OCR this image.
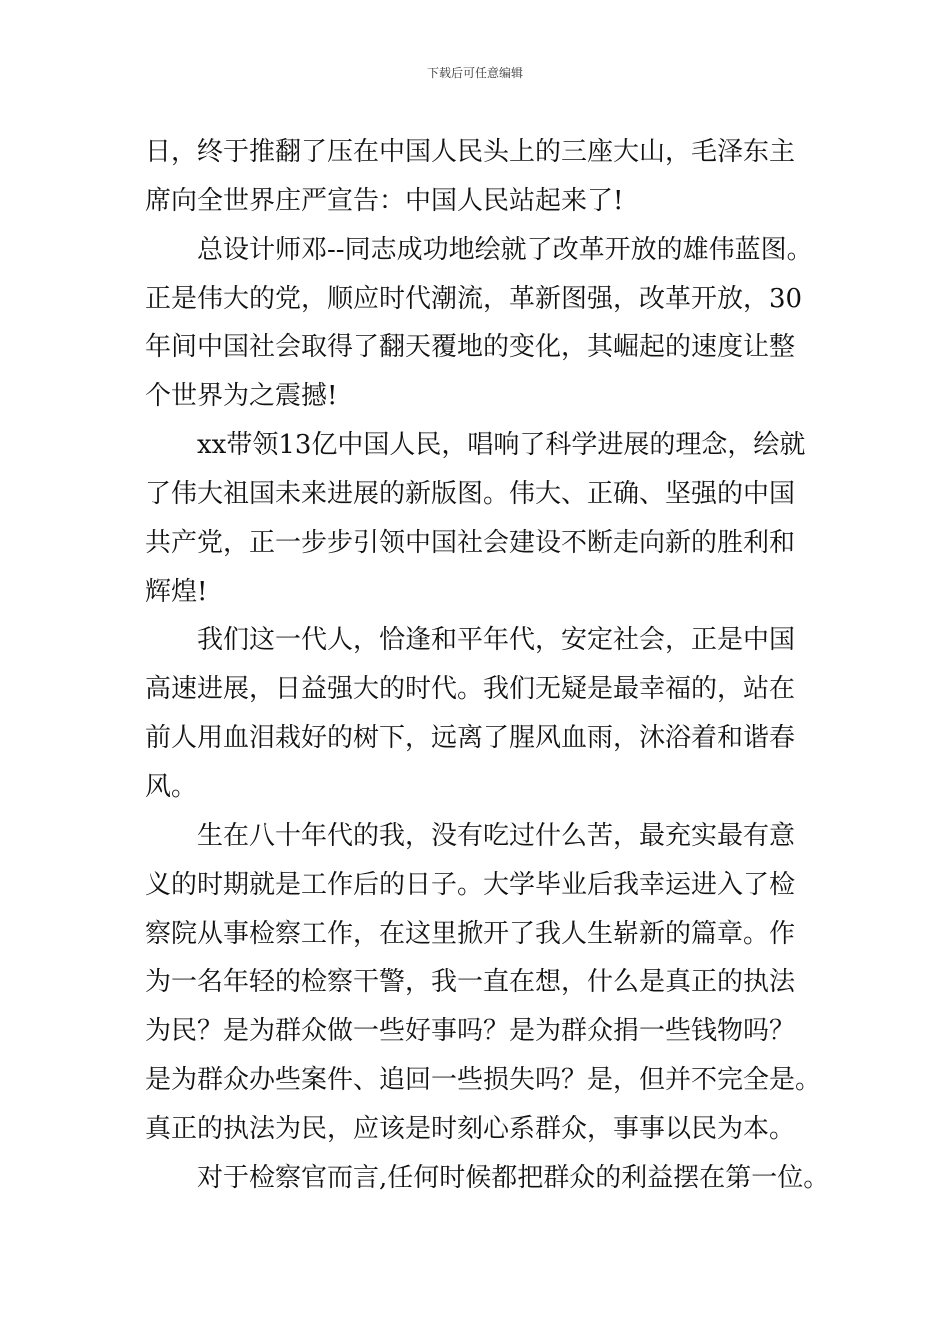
下载后可任意编辑
日，终于推翻了压在中国人民头上的三座大山，毛泽东主
席向全世界庄严宣告：中国人民站起来了!
总设计师邓--同志成功地绘就了改革开放的雄伟蓝图。
正是伟大的党，顺应时代潮流，革新图强，改革开放，30
年间中国社会取得了翻天覆地的变化，其崛起的速度让整
个世界为之震撼!
xx带领13亿中国人民，唱响了科学进展的理念，绘就
了伟大祖国未来进展的新版图。伟大、正确、坚强的中国
共产党，正一步步引领中国社会建设不断走向新的胜利和
辉煌!
我们这一代人，恰逢和平年代，安定社会，正是中国
高速进展，日益强大的时代。我们无疑是最幸福的，站在
前人用血泪栽好的树下，远离了腥风血雨，沐浴着和谐春
风。
生在八十年代的我，没有吃过什么苦，最充实最有意
义的时期就是工作后的日子。大学毕业后我幸运进入了检
察院从事检察工作，在这里掀开了我人生崭新的篇章。作
为一名年轻的检察干警，我一直在想，什么是真正的执法
为民？是为群众做一些好事吗？是为群众捐一些钱物吗？
是为群众办些案件、追回一些损失吗？是，但并不完全是。
真正的执法为民，应该是时刻心系群众，事事以民为本。
对于检察官而言,任何时候都把群众的利益摆在第一位。
